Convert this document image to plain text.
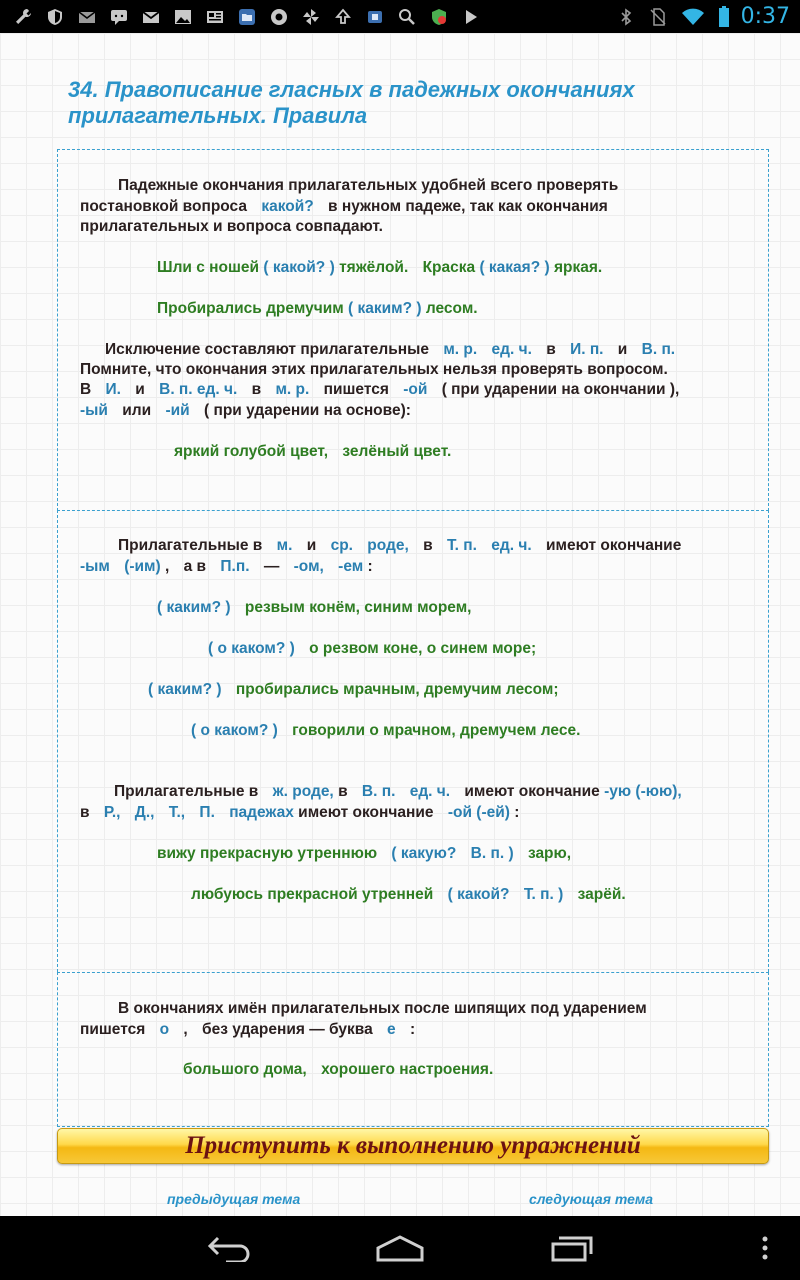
0:37
34. Правописание гласных в падежных окончаниях
прилагательных. Правила
Падежные окончания прилагательных удобней всего проверять
постановкой вопроса какой? в нужном падеже, так как окончания
прилагательных и вопроса совпадают.
Шли с ношей ( какой? ) тяжёлой. Краска ( какая? ) яркая.
Пробирались дремучим ( каким? ) лесом.
Исключение составляют прилагательные м. р. ед. ч. в И. п. и В. п.
Помните, что окончания этих прилагательных нельзя проверять вопросом.
В И. и В. п. ед. ч. в м. р. пишется -ой ( при ударении на окончании ),
-ый или -ий ( при ударении на основе):
яркий голубой цвет, зелёный цвет.
Прилагательные в м. и ср. роде, в Т. п. ед. ч. имеют окончание
-ым (-им) , а в П.п. — -ом, -ем :
( каким? ) резвым конём, синим морем,
( о каком? ) о резвом коне, о синем море;
( каким? ) пробирались мрачным, дремучим лесом;
( о каком? ) говорили о мрачном, дремучем лесе.
Прилагательные в ж. роде, в В. п. ед. ч. имеют окончание -ую (-юю),
в Р., Д., Т., П. падежах имеют окончание -ой (-ей) :
вижу прекрасную утреннюю ( какую? В. п. ) зарю,
любуюсь прекрасной утренней ( какой? Т. п. ) зарёй.
В окончаниях имён прилагательных после шипящих под ударением
пишется о , без ударения — буква е :
большого дома, хорошего настроения.
Приступить к выполнению упражнений
предыдущая тема	следующая тема
